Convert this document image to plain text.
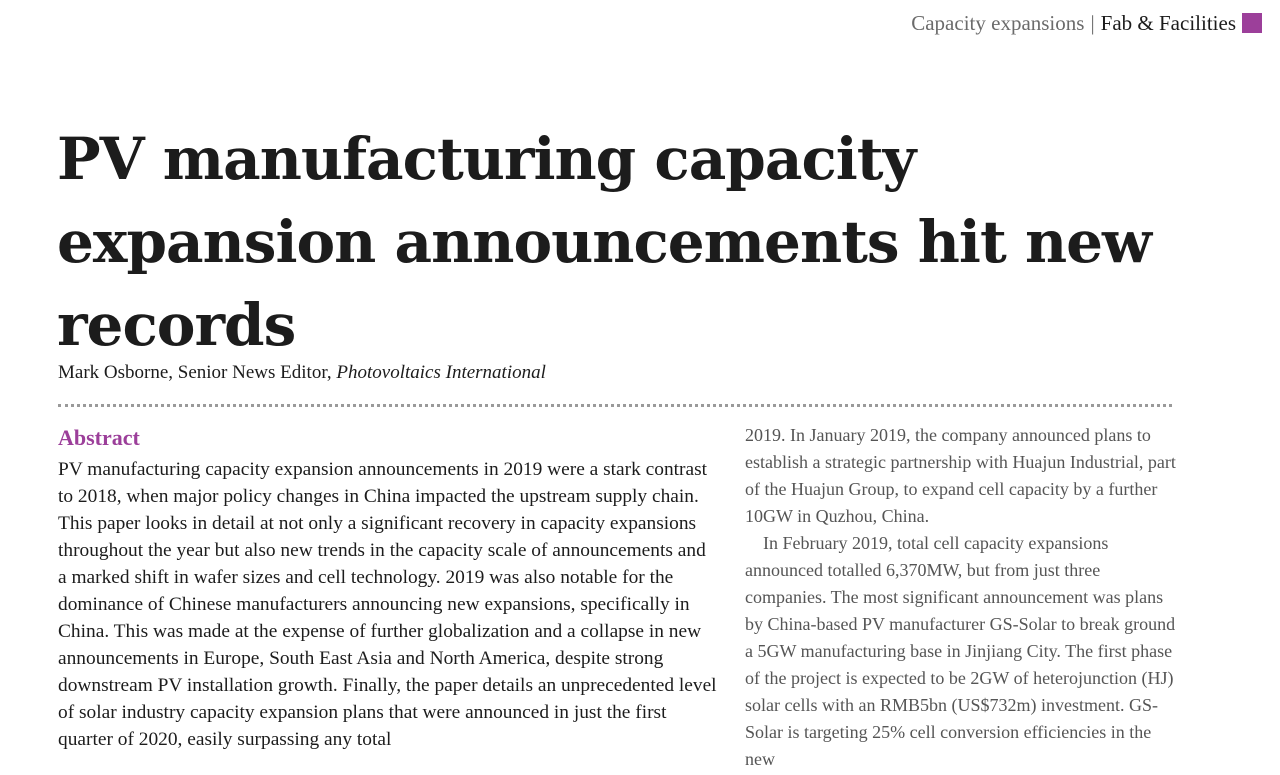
Capacity expansions | Fab & Facilities
PV manufacturing capacity expansion announcements hit new records
Mark Osborne, Senior News Editor, Photovoltaics International
Abstract

PV manufacturing capacity expansion announcements in 2019 were a stark contrast to 2018, when major policy changes in China impacted the upstream supply chain. This paper looks in detail at not only a significant recovery in capacity expansions throughout the year but also new trends in the capacity scale of announcements and a marked shift in wafer sizes and cell technology. 2019 was also notable for the dominance of Chinese manufacturers announcing new expansions, specifically in China. This was made at the expense of further globalization and a collapse in new announcements in Europe, South East Asia and North America, despite strong downstream PV installation growth. Finally, the paper details an unprecedented level of solar industry capacity expansion plans that were announced in just the first quarter of 2020, easily surpassing any total

2019. In January 2019, the company announced plans to establish a strategic partnership with Huajun Industrial, part of the Huajun Group, to expand cell capacity by a further 10GW in Quzhou, China.

In February 2019, total cell capacity expansions announced totalled 6,370MW, but from just three companies. The most significant announcement was plans by China-based PV manufacturer GS-Solar to break ground a 5GW manufacturing base in Jinjiang City. The first phase of the project is expected to be 2GW of heterojunction (HJ) solar cells with an RMB5bn (US$732m) investment. GS-Solar is targeting 25% cell conversion efficiencies in the new
